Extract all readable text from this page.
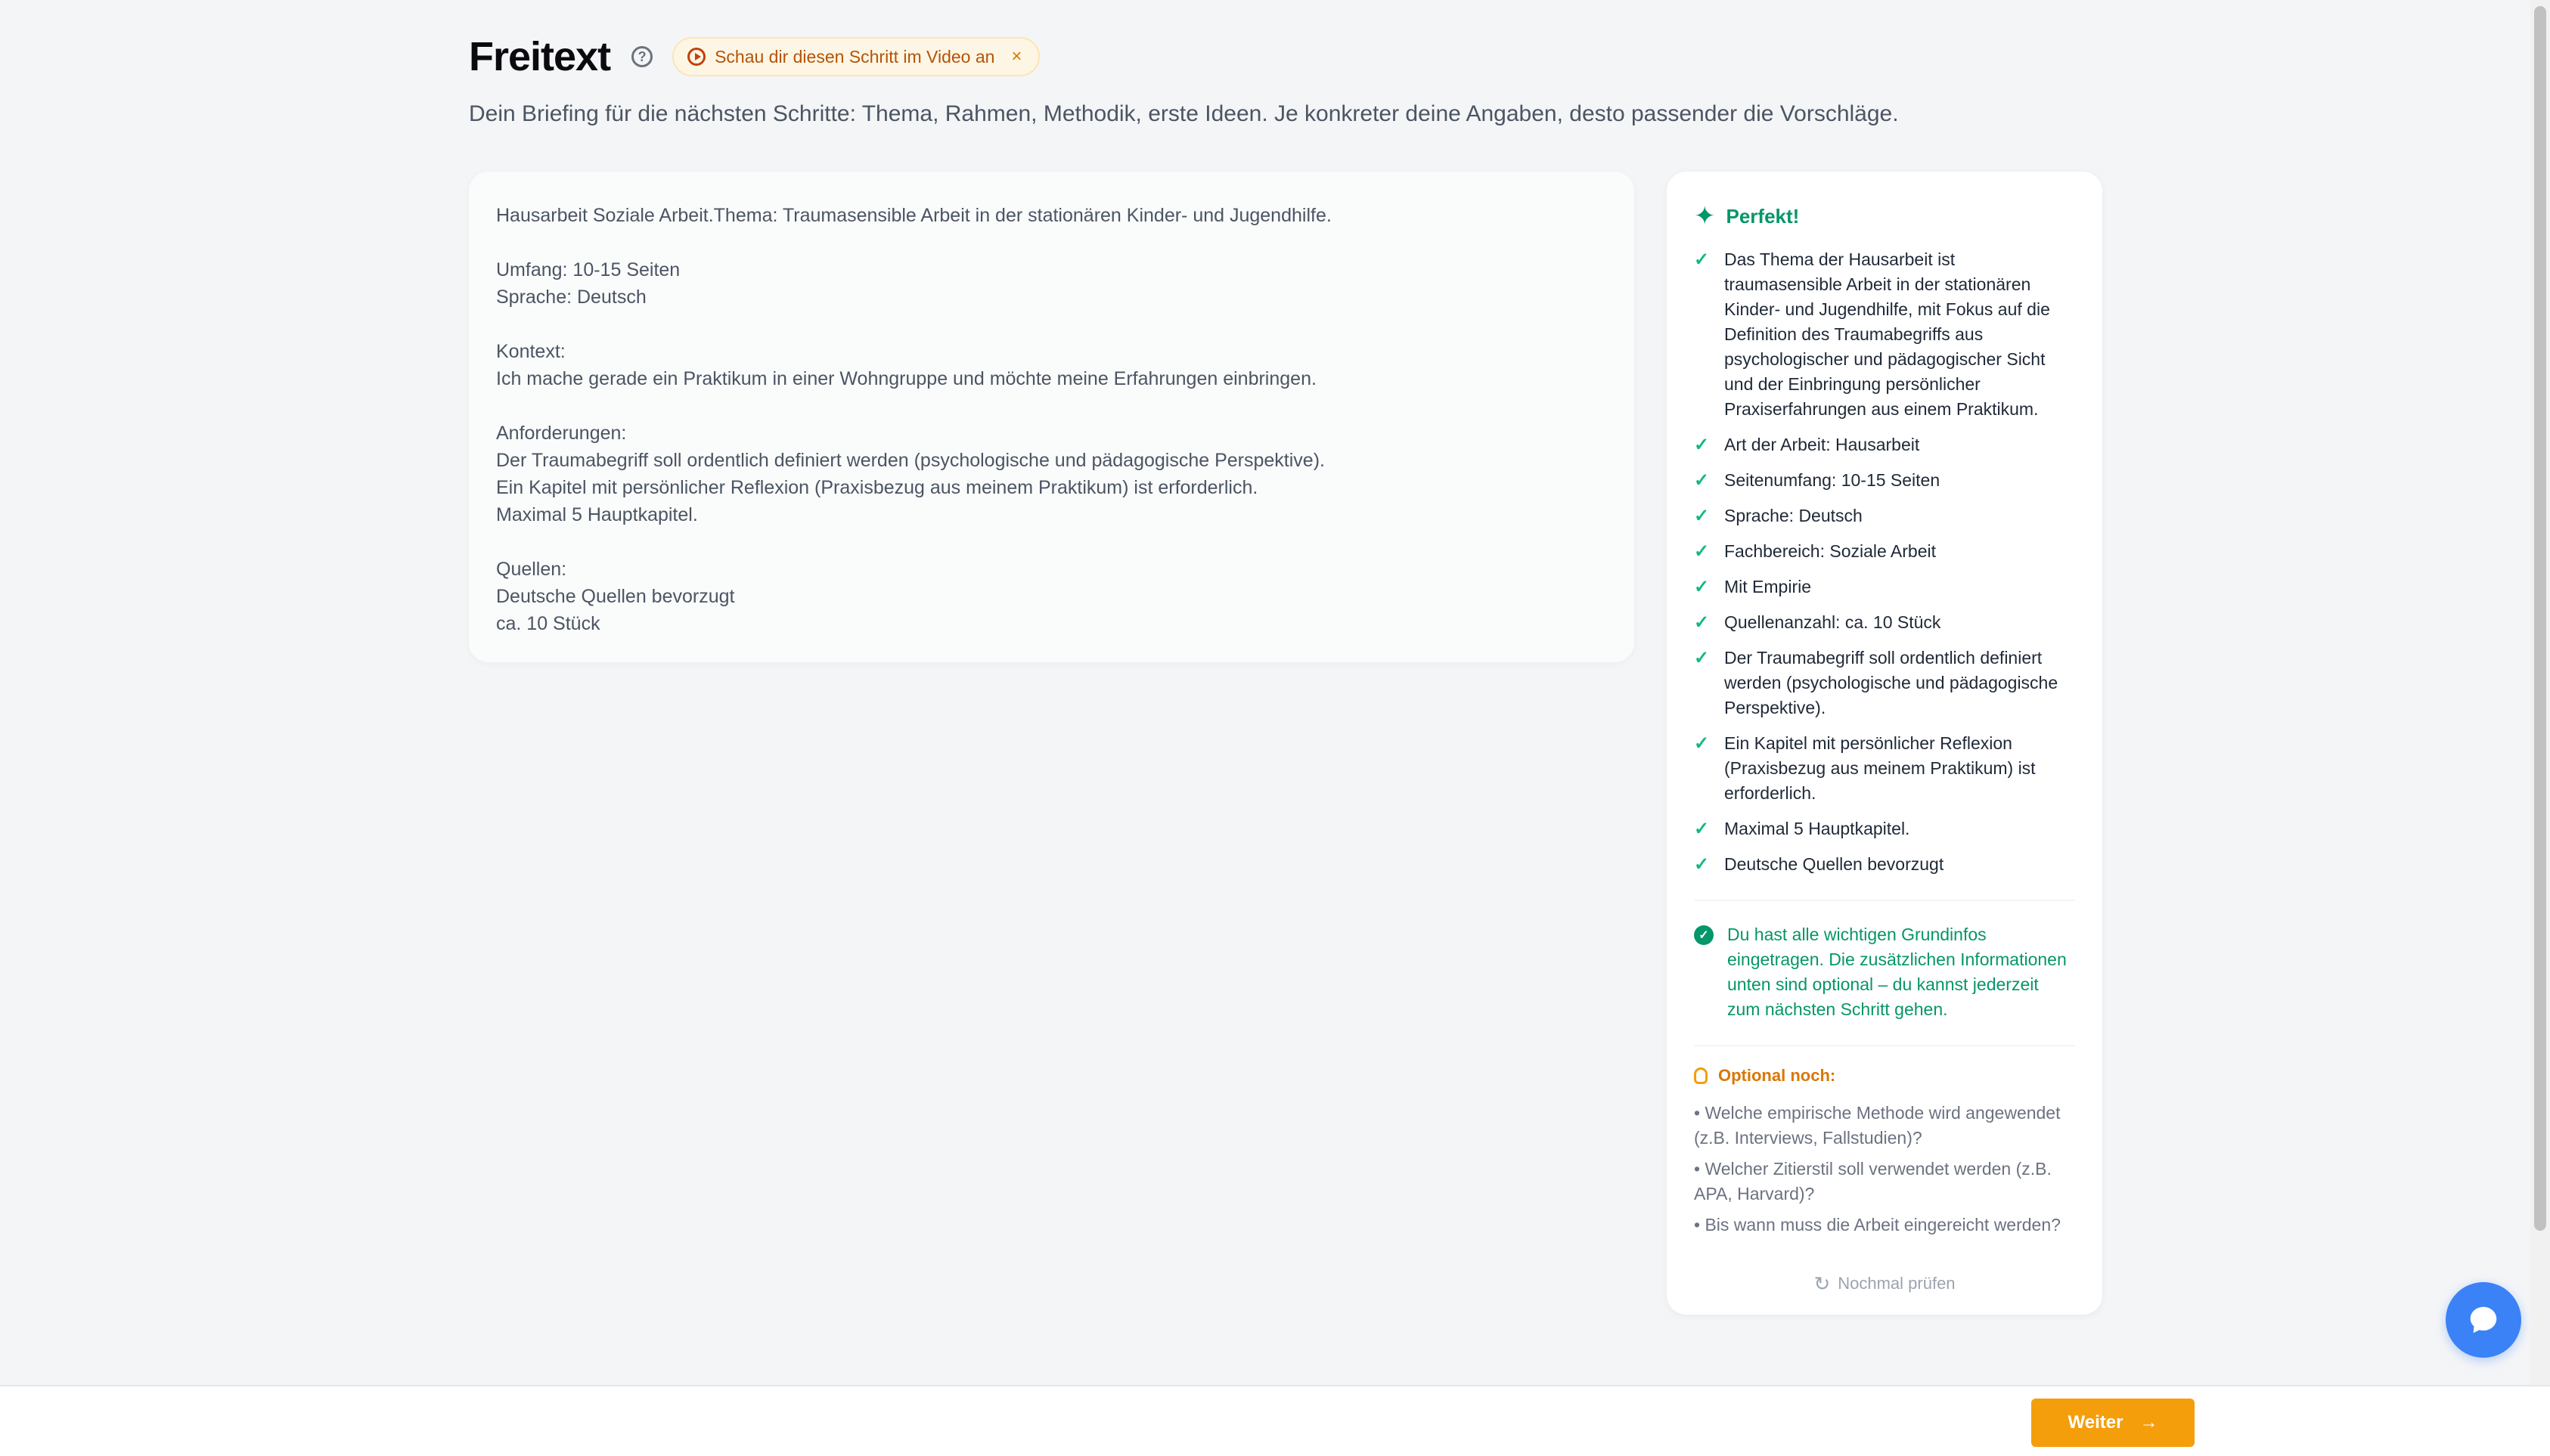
Freitext	?	Schau dir diesen Schritt im Video an ×

Dein Briefing für die nächsten Schritte: Thema, Rahmen, Methodik, erste Ideen. Je konkreter deine Angaben, desto passender die Vorschläge.

Hausarbeit Soziale Arbeit.Thema: Traumasensible Arbeit in der stationären Kinder- und Jugendhilfe.

Umfang: 10-15 Seiten
Sprache: Deutsch

Kontext:
Ich mache gerade ein Praktikum in einer Wohngruppe und möchte meine Erfahrungen einbringen.

Anforderungen:
Der Traumabegriff soll ordentlich definiert werden (psychologische und pädagogische Perspektive).
Ein Kapitel mit persönlicher Reflexion (Praxisbezug aus meinem Praktikum) ist erforderlich.
Maximal 5 Hauptkapitel.

Quellen:
Deutsche Quellen bevorzugt
ca. 10 Stück
✦ Perfekt!
✓ Das Thema der Hausarbeit ist traumasensible Arbeit in der stationären Kinder- und Jugendhilfe, mit Fokus auf die Definition des Traumabegriffs aus psychologischer und pädagogischer Sicht und der Einbringung persönlicher Praxiserfahrungen aus einem Praktikum.
✓ Art der Arbeit: Hausarbeit
✓ Seitenumfang: 10-15 Seiten
✓ Sprache: Deutsch
✓ Fachbereich: Soziale Arbeit
✓ Mit Empirie
✓ Quellenanzahl: ca. 10 Stück
✓ Der Traumabegriff soll ordentlich definiert werden (psychologische und pädagogische Perspektive).
✓ Ein Kapitel mit persönlicher Reflexion (Praxisbezug aus meinem Praktikum) ist erforderlich.
✓ Maximal 5 Hauptkapitel.
✓ Deutsche Quellen bevorzugt
✓ Du hast alle wichtigen Grundinfos eingetragen. Die zusätzlichen Informationen unten sind optional – du kannst jederzeit zum nächsten Schritt gehen.
Optional noch:
• Welche empirische Methode wird angewendet (z.B. Interviews, Fallstudien)?
• Welcher Zitierstil soll verwendet werden (z.B. APA, Harvard)?
• Bis wann muss die Arbeit eingereicht werden?
↻ Nochmal prüfen
Weiter →
